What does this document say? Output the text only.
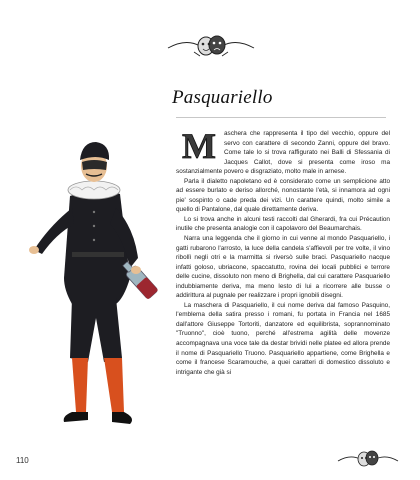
Pasquariello
M	aschera che rappresenta il tipo del vecchio, oppure del servo con carattere di secondo Zanni, oppure del bravo. Come tale lo si trova raffigurato nei Balli di Sfessania di Jacques Callot, dove si presenta come iroso ma sostanzialmente povero e disgraziato, molto male in arnese.

Parla il dialetto napoletano ed è considerato come un semplicione atto ad essere burlato e deriso allorché, nonostante l'età, si innamora ad ogni pie' sospinto o cade preda dei vizi. Un carattere quindi, molto simile a quello di Pantalone, dal quale direttamente deriva.

Lo si trova anche in alcuni testi raccolti dal Gherardi, fra cui Précaution inutile che presenta analogie con il capolavoro del Beaumarchais.

Narra una leggenda che il giorno in cui venne al mondo Pasquariello, i gatti rubarono l'arrosto, la luce della candela s'affievolì per tre volte, il vino ribollì negli otri e la marmitta si riversò sulle braci. Pasquariello nacque infatti goloso, ubriacone, spaccatutto, rovina dei locali pubblici e terrore delle cucine, dissoluto non meno di Brighella, dal cui carattere Pasquariello indubbiamente deriva, ma meno lesto di lui a ricorrere alle busse o addirittura al pugnale per realizzare i propri ignobili disegni.

La maschera di Pasquariello, il cui nome deriva dal famoso Pasquino, l'emblema della satira presso i romani, fu portata in Francia nel 1685 dall'attore Giuseppe Tortoriti, danzatore ed equilibrista, soprannominato "Truonno", cioè tuono, perché all'estrema agilità delle movenze accompagnava una voce tale da destar brividi nelle platee ed allora prende il nome di Pasquariello Truono. Pasquariello appartiene, come Brighella e come il francese Scaramouche, a quei caratteri di domestico dissoluto e intrigante che già si

110
